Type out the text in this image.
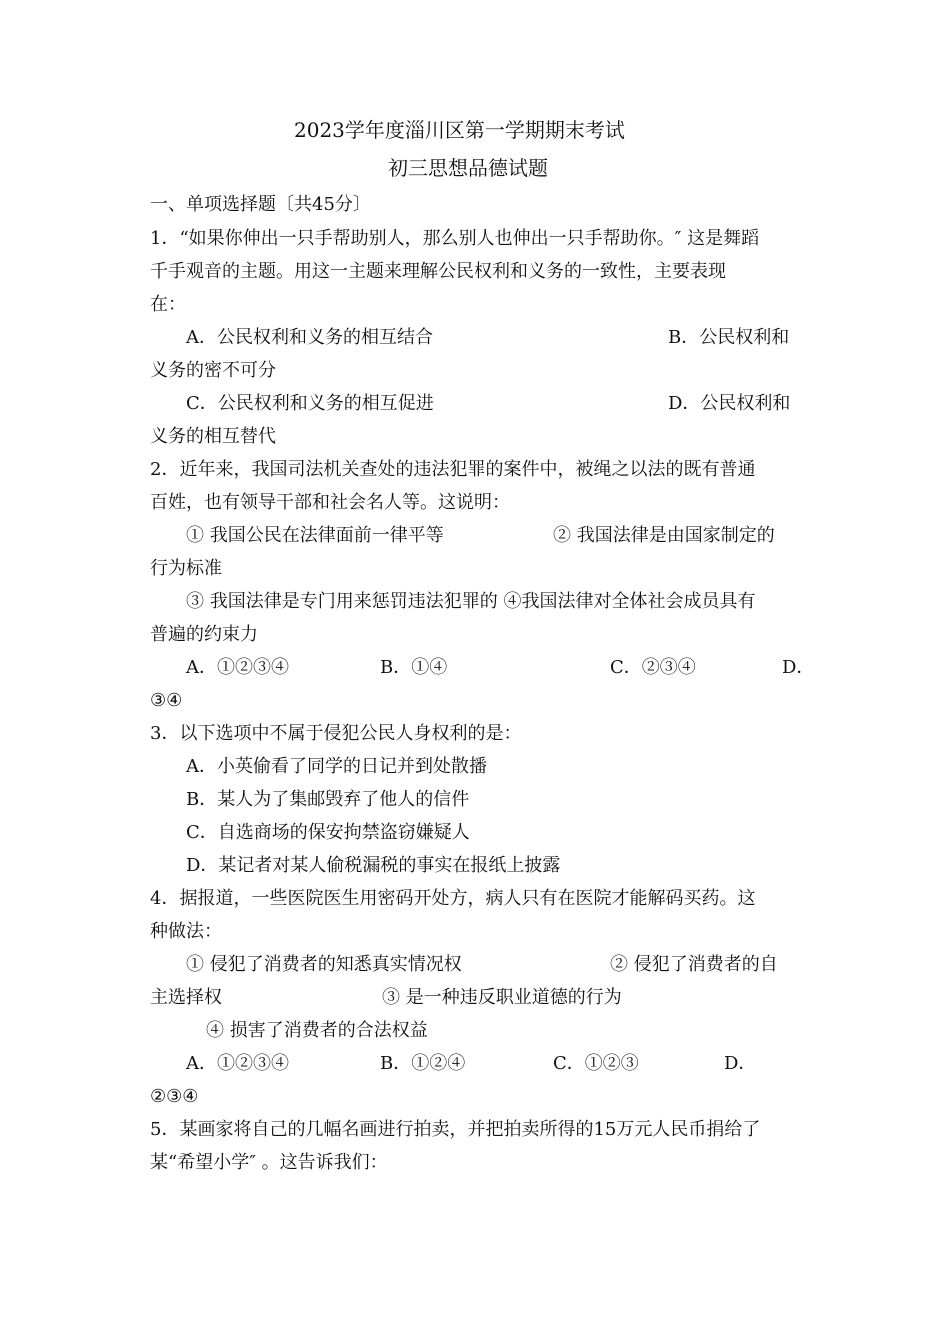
2023学年度淄川区第一学期期末考试
初三思想品德试题
一、单项选择题〔共45分〕
1．“如果你伸出一只手帮助别人，那么别人也伸出一只手帮助你。″ 这是舞蹈
千手观音的主题。用这一主题来理解公民权利和义务的一致性，主要表现
在：
A．公民权利和义务的相互结合	B．公民权利和
义务的密不可分
C．公民权利和义务的相互促进	D．公民权利和
义务的相互替代
2．近年来，我国司法机关查处的违法犯罪的案件中，被绳之以法的既有普通
百姓，也有领导干部和社会名人等。这说明：
① 我国公民在法律面前一律平等	② 我国法律是由国家制定的
行为标准
③ 我国法律是专门用来惩罚违法犯罪的 ④我国法律对全体社会成员具有
普遍的约束力
A．①②③④	B．①④	C．②③④	D．
③④
3．以下选项中不属于侵犯公民人身权利的是：
A．小英偷看了同学的日记并到处散播
B．某人为了集邮毁弃了他人的信件
C．自选商场的保安拘禁盗窃嫌疑人
D．某记者对某人偷税漏税的事实在报纸上披露
4．据报道，一些医院医生用密码开处方，病人只有在医院才能解码买药。这
种做法：
① 侵犯了消费者的知悉真实情况权	② 侵犯了消费者的自
主选择权	③ 是一种违反职业道德的行为
④ 损害了消费者的合法权益
A．①②③④	B．①②④	C．①②③	D．
②③④
5．某画家将自己的几幅名画进行拍卖，并把拍卖所得的15万元人民币捐给了
某“希望小学″ 。这告诉我们：
